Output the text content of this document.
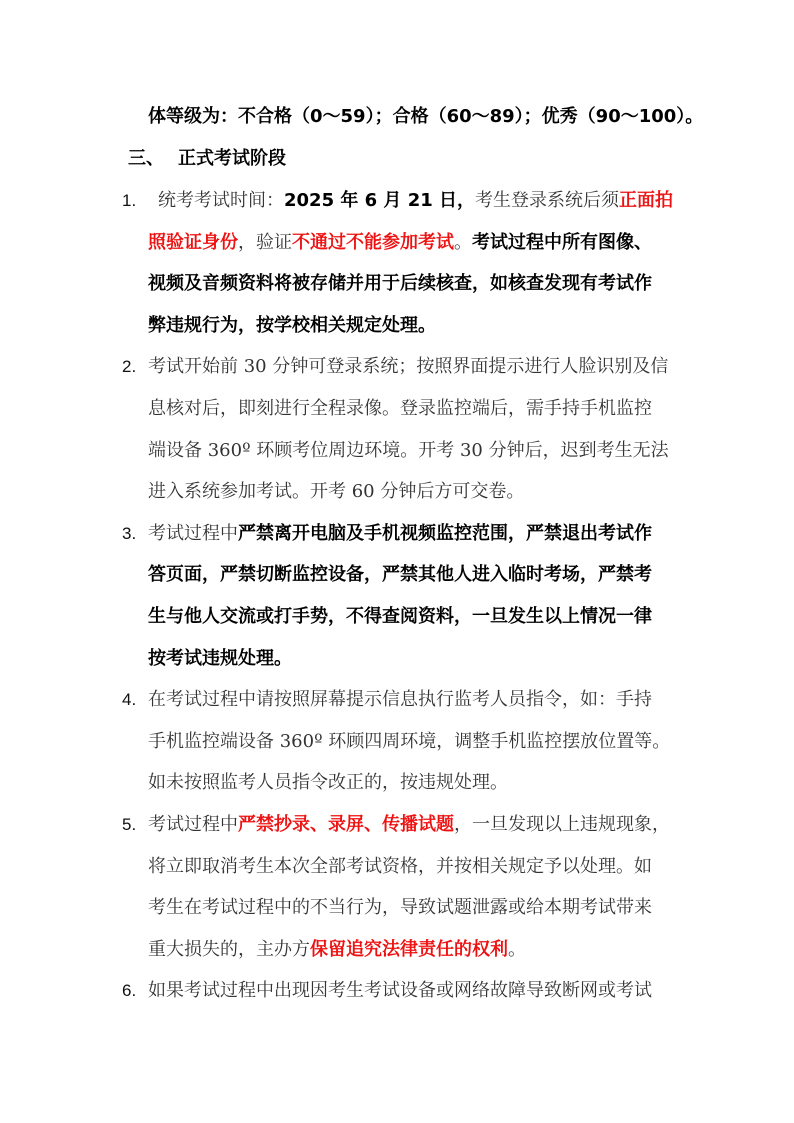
体等级为：不合格（0～59）；合格（60～89）；优秀（90～100）。
三、 正式考试阶段
1. 统考考试时间：2025 年 6 月 21 日，考生登录系统后须正面拍
照验证身份，验证不通过不能参加考试。考试过程中所有图像、
视频及音频资料将被存储并用于后续核查，如核查发现有考试作
弊违规行为，按学校相关规定处理。
2. 考试开始前 30 分钟可登录系统；按照界面提示进行人脸识别及信
息核对后，即刻进行全程录像。登录监控端后，需手持手机监控
端设备 360º 环顾考位周边环境。开考 30 分钟后，迟到考生无法
进入系统参加考试。开考 60 分钟后方可交卷。
3. 考试过程中严禁离开电脑及手机视频监控范围，严禁退出考试作
答页面，严禁切断监控设备，严禁其他人进入临时考场，严禁考
生与他人交流或打手势，不得查阅资料，一旦发生以上情况一律
按考试违规处理。
4. 在考试过程中请按照屏幕提示信息执行监考人员指令，如：手持
手机监控端设备 360º 环顾四周环境，调整手机监控摆放位置等。
如未按照监考人员指令改正的，按违规处理。
5. 考试过程中严禁抄录、录屏、传播试题，一旦发现以上违规现象，
将立即取消考生本次全部考试资格，并按相关规定予以处理。如
考生在考试过程中的不当行为，导致试题泄露或给本期考试带来
重大损失的，主办方保留追究法律责任的权利。
6. 如果考试过程中出现因考生考试设备或网络故障导致断网或考试
